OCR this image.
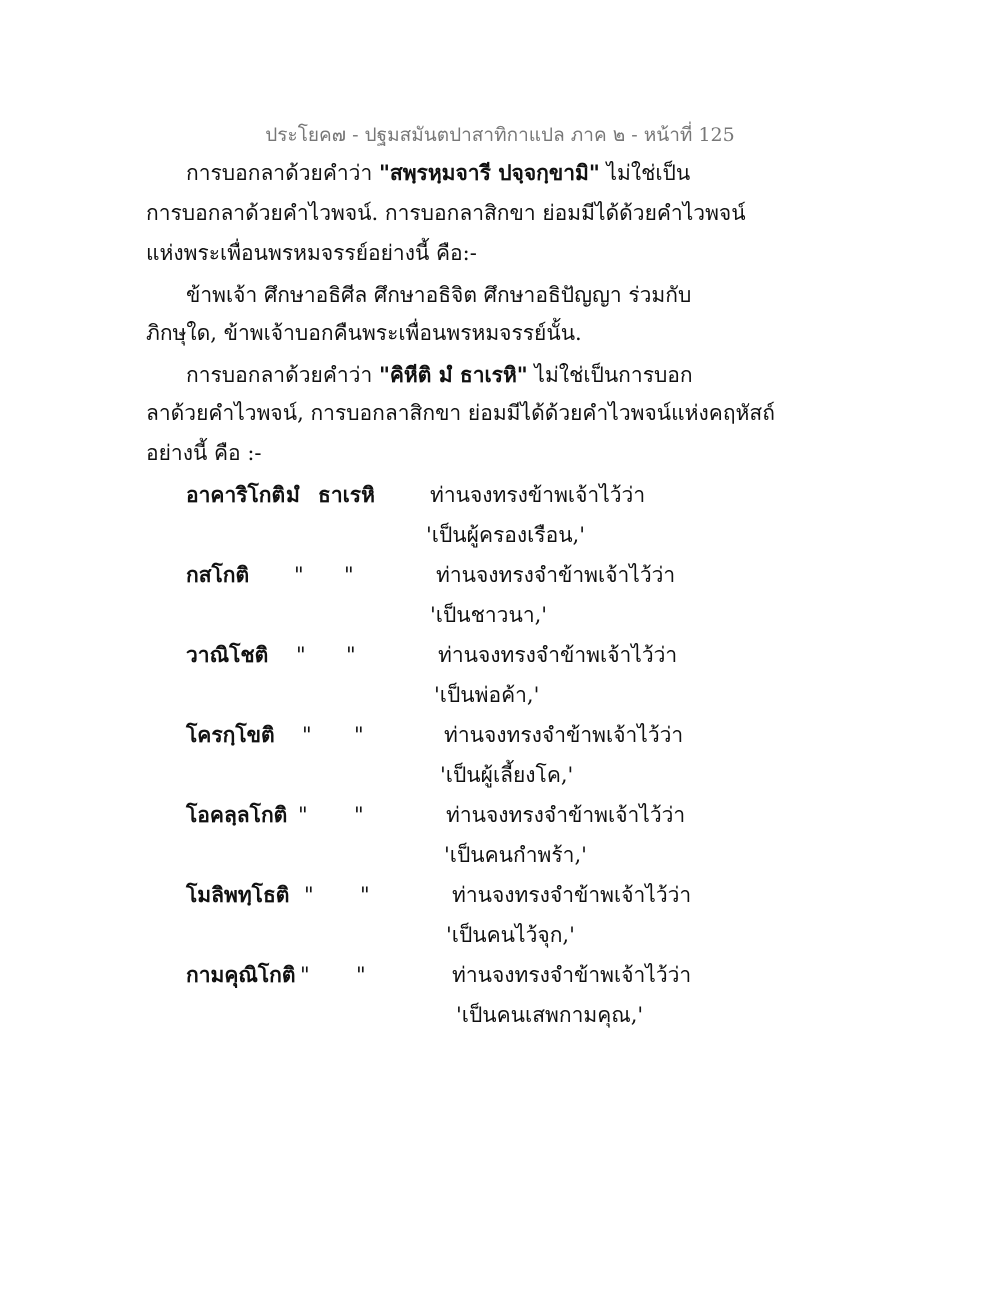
ประโยค๗ - ปฐมสมันตปาสาทิกาแปล ภาค ๒ - หน้าที่ 125
การบอกลาด้วยคำว่า "สพฺรหฺมจารี ปจฺจกฺขามิ" ไม่ใช่เป็น
การบอกลาด้วยคำไวพจน์. การบอกลาสิกขา ย่อมมีได้ด้วยคำไวพจน์
แห่งพระเพื่อนพรหมจรรย์อย่างนี้ คือ:-
ข้าพเจ้า ศึกษาอธิศีล ศึกษาอธิจิต ศึกษาอธิปัญญา ร่วมกับ
ภิกษุใด, ข้าพเจ้าบอกคืนพระเพื่อนพรหมจรรย์นั้น.
การบอกลาด้วยคำว่า "คิหีติ มํ ธาเรหิ" ไม่ใช่เป็นการบอก
ลาด้วยคำไวพจน์, การบอกลาสิกขา ย่อมมีได้ด้วยคำไวพจน์แห่งคฤหัสถ์
อย่างนี้ คือ :-
อาคาริโกติ มํ ธาเรหิ	ท่านจงทรงข้าพเจ้าไว้ว่า
'เป็นผู้ครองเรือน,'
กสโกติ " "	ท่านจงทรงจำข้าพเจ้าไว้ว่า
'เป็นชาวนา,'
วาณิโชติ " "	ท่านจงทรงจำข้าพเจ้าไว้ว่า
'เป็นพ่อค้า,'
โครกฺโขติ " "	ท่านจงทรงจำข้าพเจ้าไว้ว่า
'เป็นผู้เลี้ยงโค,'
โอคลฺลโกติ " "	ท่านจงทรงจำข้าพเจ้าไว้ว่า
'เป็นคนกำพร้า,'
โมลิพทฺโธติ " "	ท่านจงทรงจำข้าพเจ้าไว้ว่า
'เป็นคนไว้จุก,'
กามคุณิโกติ " "	ท่านจงทรงจำข้าพเจ้าไว้ว่า
'เป็นคนเสพกามคุณ,'
